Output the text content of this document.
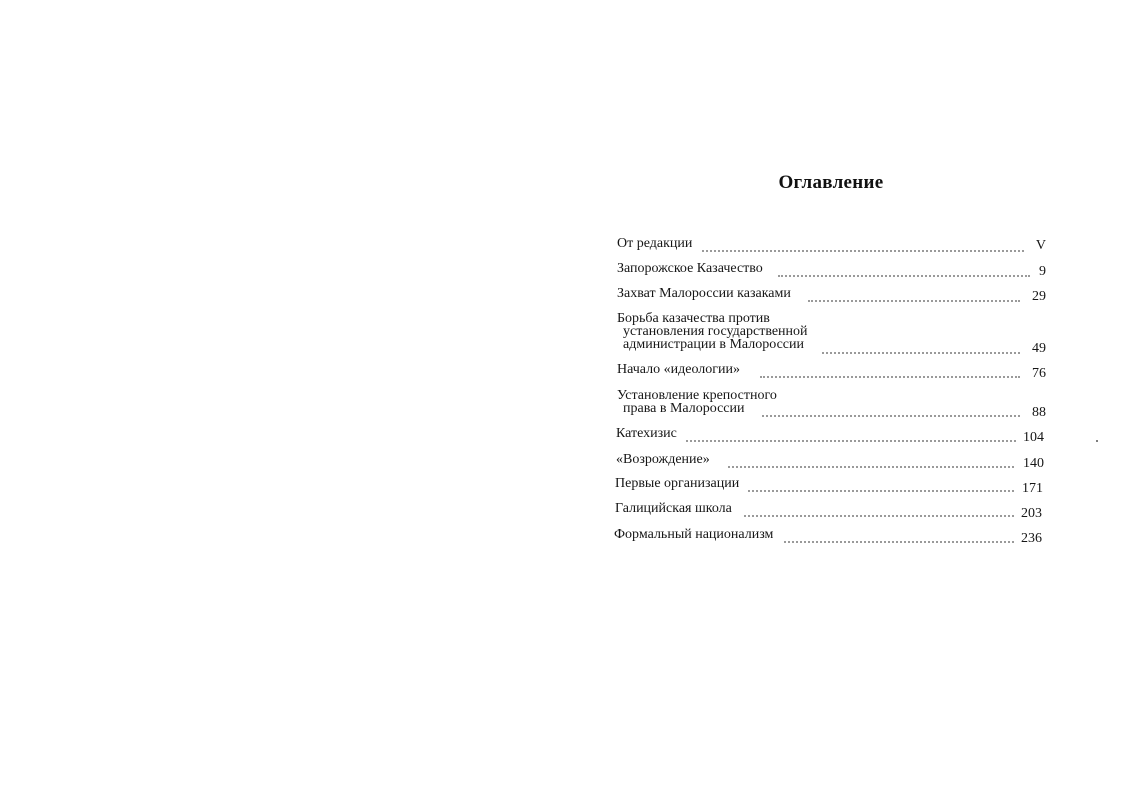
Оглавление
От редакции	V
Запорожское Казачество	9
Захват Малороссии казаками	29
Борьба казачества против
установления государственной
администрации в Малороссии	49
Начало «идеологии»	76
Установление крепостного
права в Малороссии	88
Катехизис	104
«Возрождение»	140
Первые организации	171
Галицийская школа	203
Формальный национализм	236
